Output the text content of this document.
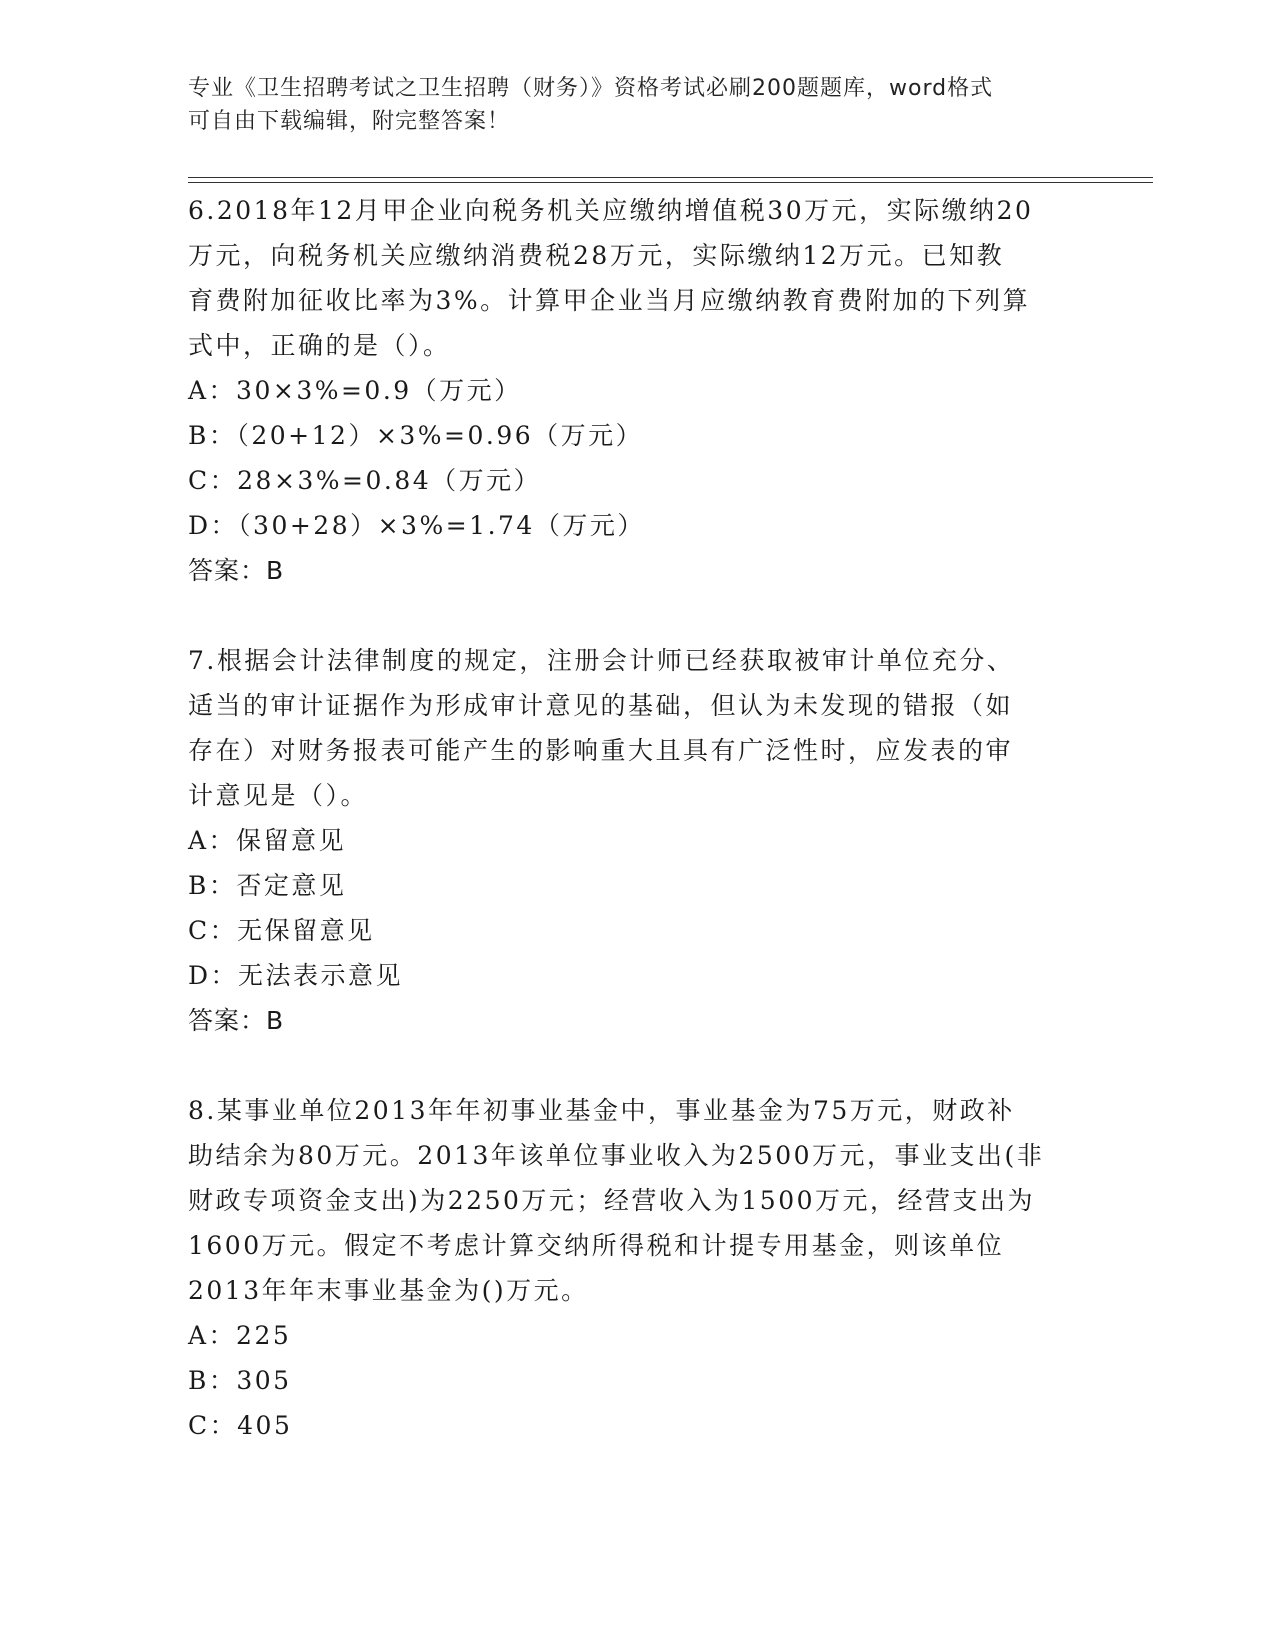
专业《卫生招聘考试之卫生招聘（财务）》资格考试必刷200题题库，word格式
可自由下载编辑，附完整答案！
6.2018年12月甲企业向税务机关应缴纳增值税30万元，实际缴纳20
万元，向税务机关应缴纳消费税28万元，实际缴纳12万元。已知教
育费附加征收比率为3%。计算甲企业当月应缴纳教育费附加的下列算
式中，正确的是（）。
A：30×3%=0.9（万元）
B：（20+12）×3%=0.96（万元）
C：28×3%=0.84（万元）
D：（30+28）×3%=1.74（万元）
答案：B
7.根据会计法律制度的规定，注册会计师已经获取被审计单位充分、
适当的审计证据作为形成审计意见的基础，但认为未发现的错报（如
存在）对财务报表可能产生的影响重大且具有广泛性时，应发表的审
计意见是（）。
A：保留意见
B：否定意见
C：无保留意见
D：无法表示意见
答案：B
8.某事业单位2013年年初事业基金中，事业基金为75万元，财政补
助结余为80万元。2013年该单位事业收入为2500万元，事业支出(非
财政专项资金支出)为2250万元；经营收入为1500万元，经营支出为
1600万元。假定不考虑计算交纳所得税和计提专用基金，则该单位
2013年年末事业基金为()万元。
A：225
B：305
C：405
